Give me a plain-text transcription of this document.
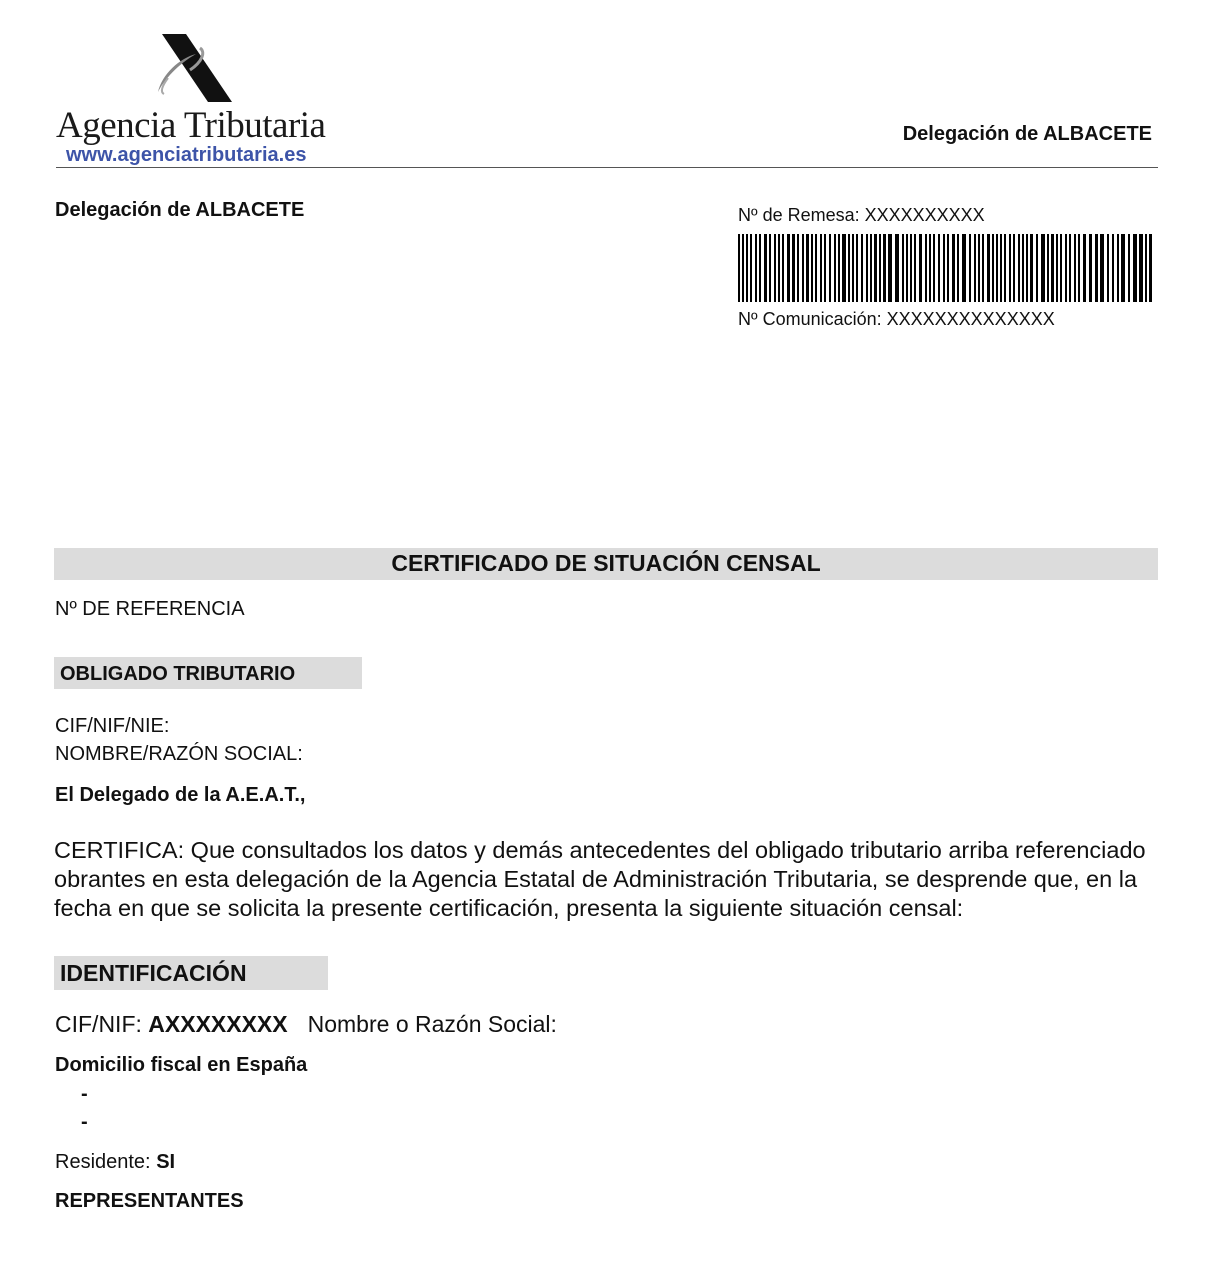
Agencia Tributaria
www.agenciatributaria.es
Delegación de ALBACETE
Delegación de ALBACETE	Nº de Remesa: XXXXXXXXXX
Nº Comunicación: XXXXXXXXXXXXXX
CERTIFICADO DE SITUACIÓN CENSAL
Nº DE REFERENCIA
OBLIGADO TRIBUTARIO
CIF/NIF/NIE:
NOMBRE/RAZÓN SOCIAL:
El Delegado de la A.E.A.T.,
CERTIFICA: Que consultados los datos y demás antecedentes del obligado tributario arriba referenciado obrantes en esta delegación de la Agencia Estatal de Administración Tributaria, se desprende que, en la fecha en que se solicita la presente certificación, presenta la siguiente situación censal:
IDENTIFICACIÓN
CIF/NIF: AXXXXXXXX Nombre o Razón Social:
Domicilio fiscal en España
-
-
Residente: SI
REPRESENTANTES
